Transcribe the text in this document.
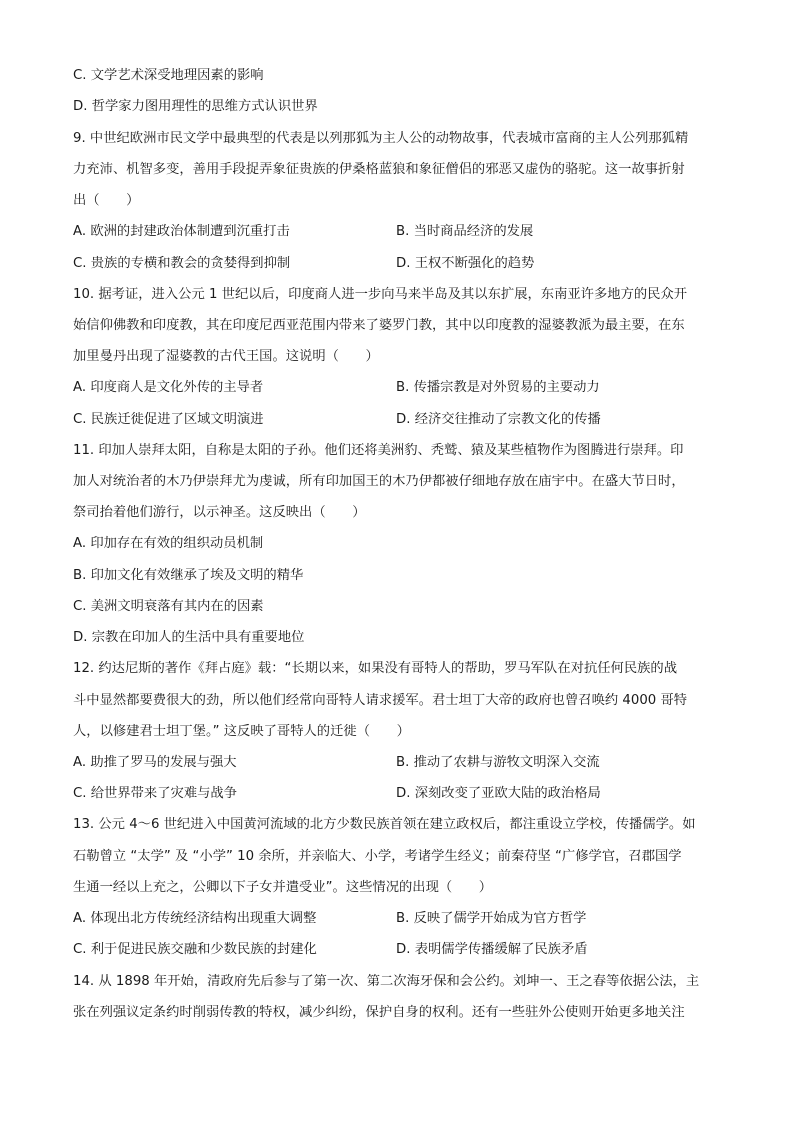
C. 文学艺术深受地理因素的影响
D. 哲学家力图用理性的思维方式认识世界
9. 中世纪欧洲市民文学中最典型的代表是以列那狐为主人公的动物故事，代表城市富商的主人公列那狐精
力充沛、机智多变，善用手段捉弄象征贵族的伊桑格蓝狼和象征僧侣的邪恶又虚伪的骆驼。这一故事折射
出（　　）
A. 欧洲的封建政治体制遭到沉重打击	B. 当时商品经济的发展
C. 贵族的专横和教会的贪婪得到抑制	D. 王权不断强化的趋势
10. 据考证，进入公元 1 世纪以后，印度商人进一步向马来半岛及其以东扩展，东南亚许多地方的民众开
始信仰佛教和印度教，其在印度尼西亚范围内带来了婆罗门教，其中以印度教的湿婆教派为最主要，在东
加里曼丹出现了湿婆教的古代王国。这说明（　　）
A. 印度商人是文化外传的主导者	B. 传播宗教是对外贸易的主要动力
C. 民族迁徙促进了区域文明演进	D. 经济交往推动了宗教文化的传播
11. 印加人崇拜太阳，自称是太阳的子孙。他们还将美洲豹、秃鹫、猿及某些植物作为图腾进行崇拜。印
加人对统治者的木乃伊崇拜尤为虔诚，所有印加国王的木乃伊都被仔细地存放在庙宇中。在盛大节日时，
祭司抬着他们游行，以示神圣。这反映出（　　）
A. 印加存在有效的组织动员机制
B. 印加文化有效继承了埃及文明的精华
C. 美洲文明衰落有其内在的因素
D. 宗教在印加人的生活中具有重要地位
12. 约达尼斯的著作《拜占庭》载：“长期以来，如果没有哥特人的帮助，罗马军队在对抗任何民族的战
斗中显然都要费很大的劲，所以他们经常向哥特人请求援军。君士坦丁大帝的政府也曾召唤约 4000 哥特
人，以修建君士坦丁堡。” 这反映了哥特人的迁徙（　　）
A. 助推了罗马的发展与强大	B. 推动了农耕与游牧文明深入交流
C. 给世界带来了灾难与战争	D. 深刻改变了亚欧大陆的政治格局
13. 公元 4～6 世纪进入中国黄河流域的北方少数民族首领在建立政权后，都注重设立学校，传播儒学。如
石勒曾立 “太学” 及 “小学” 10 余所，并亲临大、小学，考诸学生经义；前秦苻坚 “广修学官，召郡国学
生通一经以上充之，公卿以下子女并遣受业”。这些情况的出现（　　）
A. 体现出北方传统经济结构出现重大调整	B. 反映了儒学开始成为官方哲学
C. 利于促进民族交融和少数民族的封建化	D. 表明儒学传播缓解了民族矛盾
14. 从 1898 年开始，清政府先后参与了第一次、第二次海牙保和会公约。刘坤一、王之春等依据公法，主
张在列强议定条约时削弱传教的特权，减少纠纷，保护自身的权利。还有一些驻外公使则开始更多地关注
